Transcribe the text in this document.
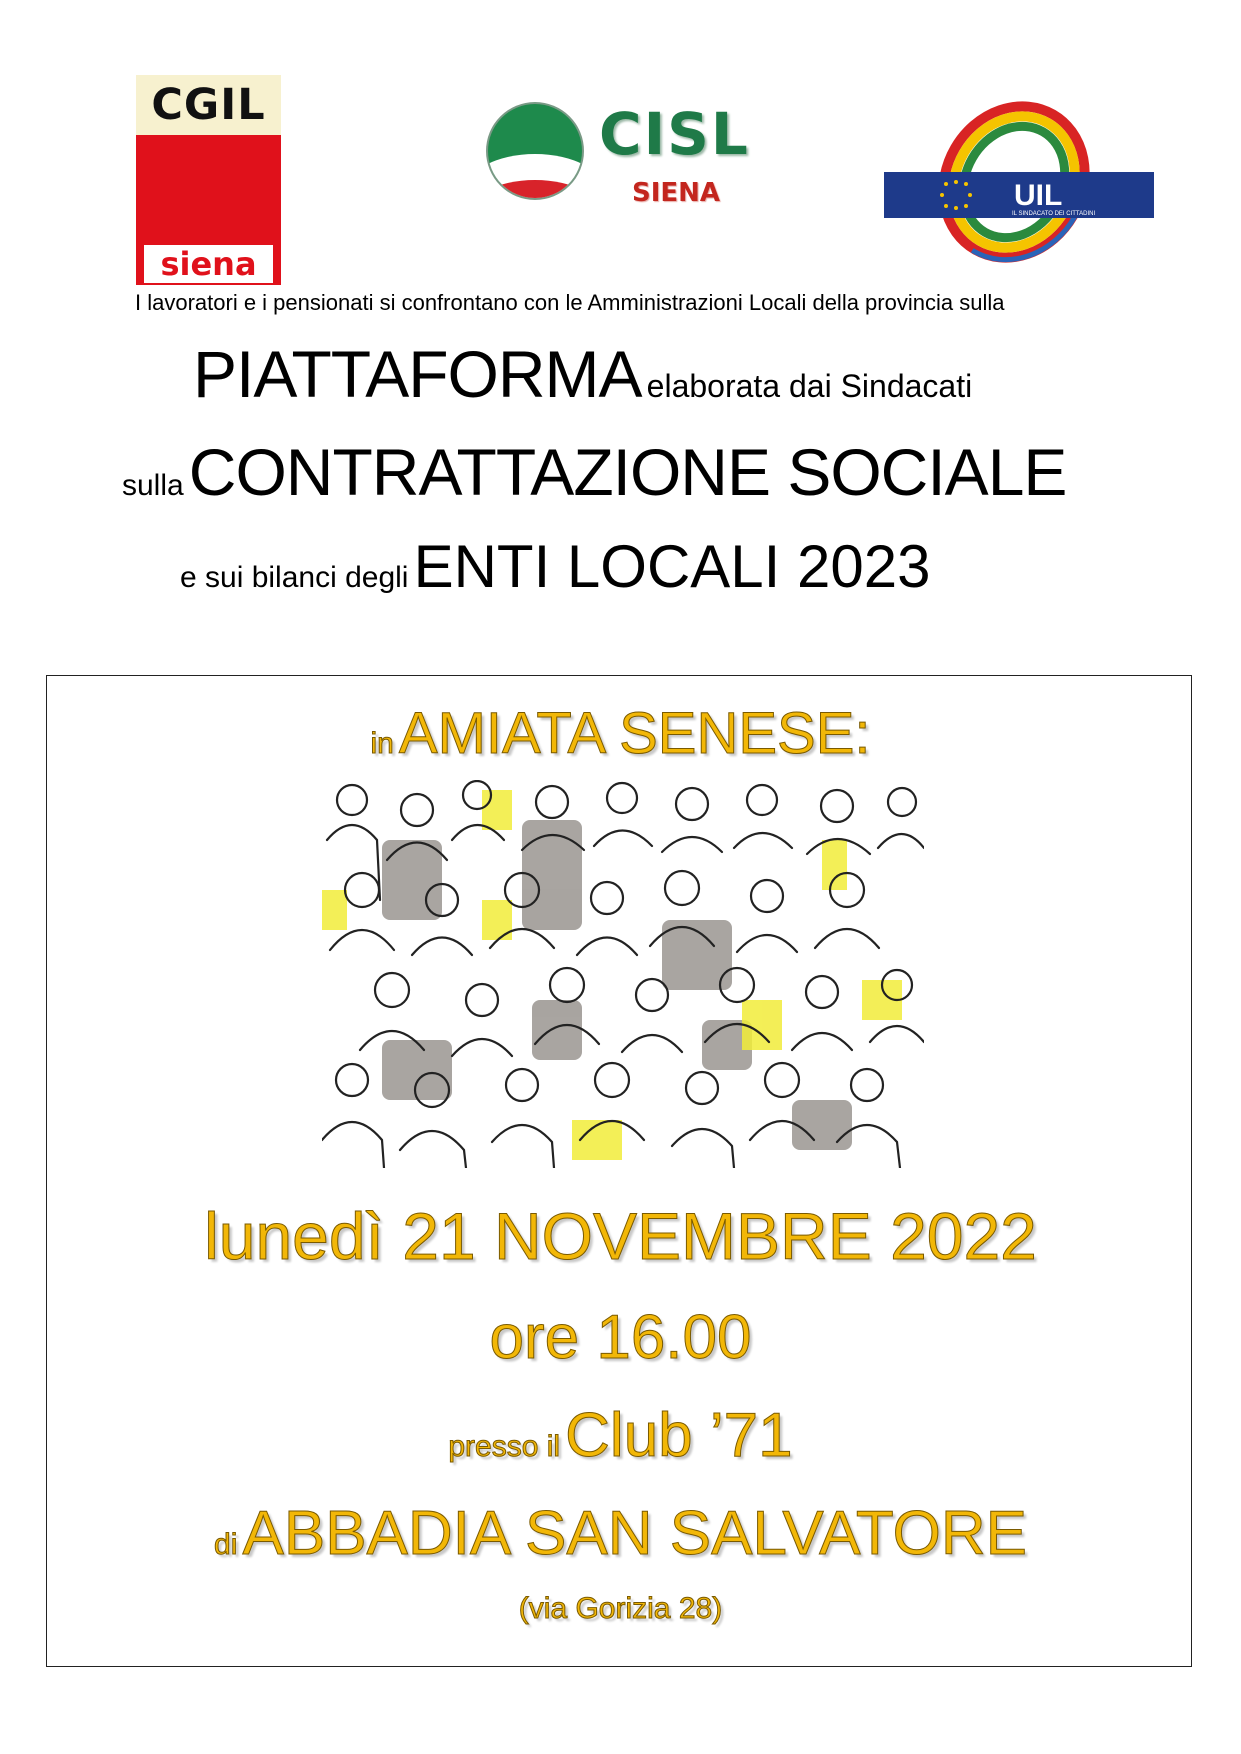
CGIL
siena
CISL
SIENA	UIL
IL SINDACATO DEI CITTADINI
I lavoratori e i pensionati si confrontano con le Amministrazioni Locali della provincia sulla
PIATTAFORMA elaborata dai Sindacati
sulla CONTRATTAZIONE SOCIALE
e sui bilanci degli ENTI LOCALI 2023
in AMIATA SENESE:
lunedì 21 NOVEMBRE 2022
ore 16.00
presso il Club ’71
di ABBADIA SAN SALVATORE
(via Gorizia 28)
